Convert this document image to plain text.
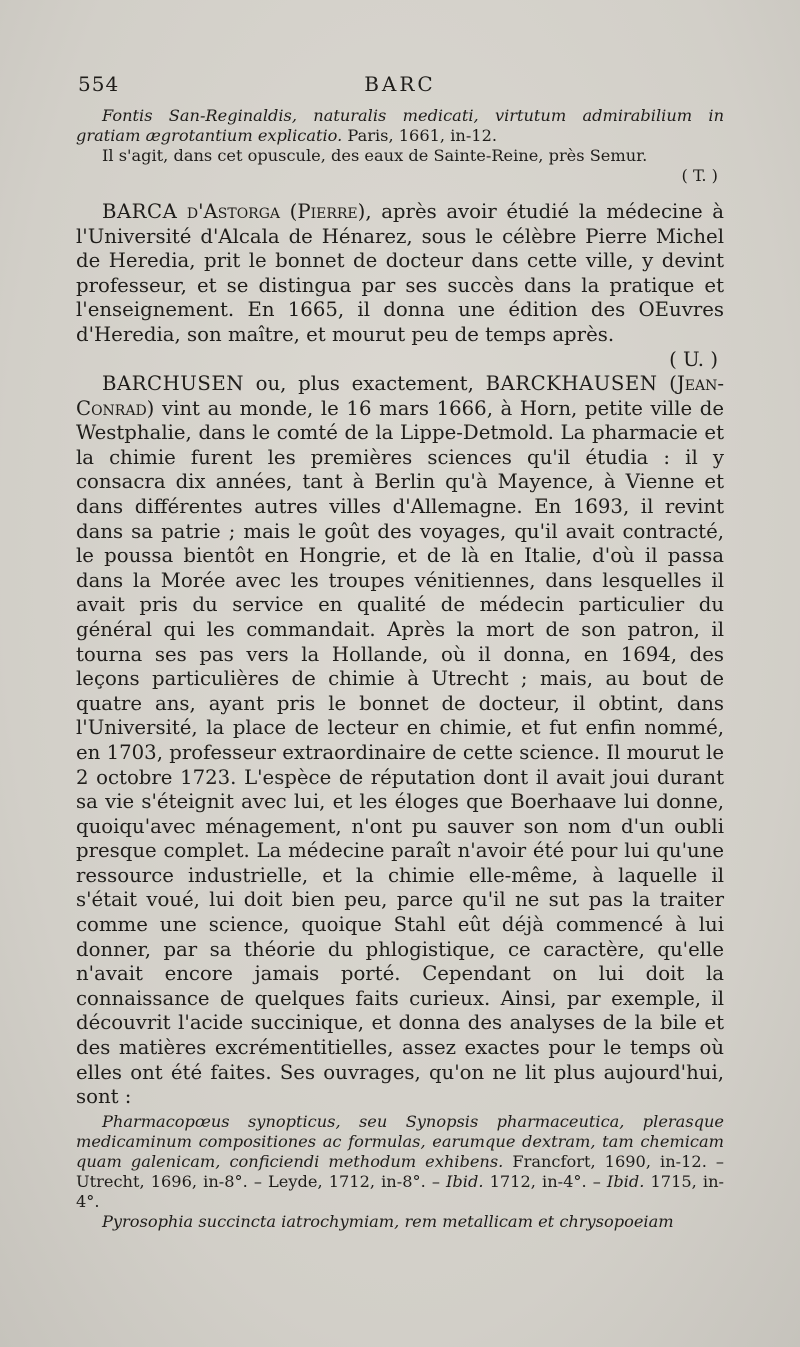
554	BARC

Fontis San-Reginaldis, naturalis medicati, virtutum admirabilium in gratiam ægrotantium explicatio. Paris, 1661, in-12.

Il s'agit, dans cet opuscule, des eaux de Sainte-Reine, près Semur.

( T. )

BARCA d'Astorga (Pierre), après avoir étudié la médecine à l'Université d'Alcala de Hénarez, sous le célèbre Pierre Michel de Heredia, prit le bonnet de docteur dans cette ville, y devint professeur, et se distingua par ses succès dans la pratique et l'enseignement. En 1665, il donna une édition des OEuvres d'Heredia, son maître, et mourut peu de temps après.

( U. )

BARCHUSEN ou, plus exactement, BARCKHAUSEN (Jean-Conrad) vint au monde, le 16 mars 1666, à Horn, petite ville de Westphalie, dans le comté de la Lippe-Detmold. La pharmacie et la chimie furent les premières sciences qu'il étudia : il y consacra dix années, tant à Berlin qu'à Mayence, à Vienne et dans différentes autres villes d'Allemagne. En 1693, il revint dans sa patrie ; mais le goût des voyages, qu'il avait contracté, le poussa bientôt en Hongrie, et de là en Italie, d'où il passa dans la Morée avec les troupes vénitiennes, dans lesquelles il avait pris du service en qualité de médecin particulier du général qui les commandait. Après la mort de son patron, il tourna ses pas vers la Hollande, où il donna, en 1694, des leçons particulières de chimie à Utrecht ; mais, au bout de quatre ans, ayant pris le bonnet de docteur, il obtint, dans l'Université, la place de lecteur en chimie, et fut enfin nommé, en 1703, professeur extraordinaire de cette science. Il mourut le 2 octobre 1723. L'espèce de réputation dont il avait joui durant sa vie s'éteignit avec lui, et les éloges que Boerhaave lui donne, quoiqu'avec ménagement, n'ont pu sauver son nom d'un oubli presque complet. La médecine paraît n'avoir été pour lui qu'une ressource industrielle, et la chimie elle-même, à laquelle il s'était voué, lui doit bien peu, parce qu'il ne sut pas la traiter comme une science, quoique Stahl eût déjà commencé à lui donner, par sa théorie du phlogistique, ce caractère, qu'elle n'avait encore jamais porté. Cependant on lui doit la connaissance de quelques faits curieux. Ainsi, par exemple, il découvrit l'acide succinique, et donna des analyses de la bile et des matières excrémentitielles, assez exactes pour le temps où elles ont été faites. Ses ouvrages, qu'on ne lit plus aujourd'hui, sont :

Pharmacopœus synopticus, seu Synopsis pharmaceutica, plerasque medicaminum compositiones ac formulas, earumque dextram, tam chemicam quam galenicam, conficiendi methodum exhibens. Francfort, 1690, in-12. – Utrecht, 1696, in-8°. – Leyde, 1712, in-8°. – Ibid. 1712, in-4°. – Ibid. 1715, in-4°.

Pyrosophia succincta iatrochymiam, rem metallicam et chrysopoeiam
